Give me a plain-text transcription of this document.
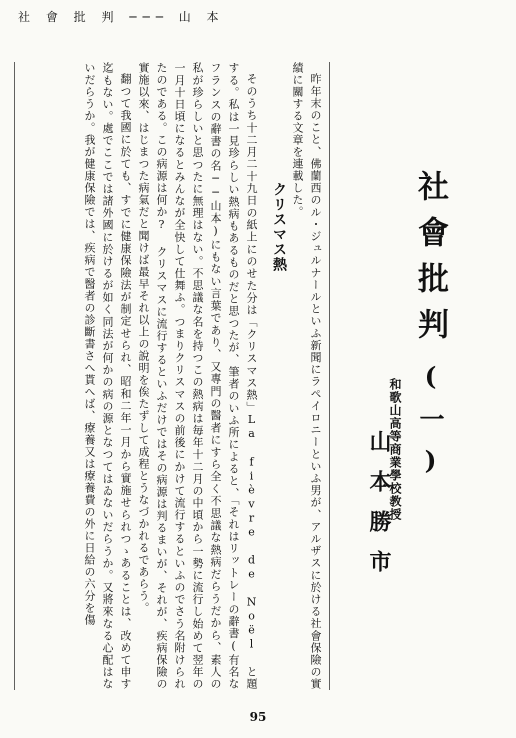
社 會 批 判 ─── 山 本
社會批判(一)
和歌山高等商業學校教授
山本勝市

昨年末のこと、佛蘭西のル・ジュルナールといふ新聞にラペイロニーといふ男が、アルザスに於ける社會保險の實績に關する文章を連載した。

クリスマス熱

そのうち十二月二十九日の紙上にのせた分は「クリスマス熱」La fièvre de Noël と題する。私は一見珍らしい熱病もあるものだと思つたが、筆者のいふ所によると、「それはリットレーの辭書(有名なフランスの辭書の名──山本)にもない言葉であり、又專門の醫者にすら全く不思議な熱病だらうだから、素人の私が珍らしいと思つたに無理はない。不思議な名を持つこの熱病は毎年十二月の中頃から一勢に流行し始めて翌年の一月十日頃になるとみんなが全快して仕舞ふ。つまりクリスマスの前後にかけて流行するといふのでさう名附けられたのである。この病源は何か? クリスマスに流行するといふだけではその病源は判るまいが、それが、疾病保險の實施以來、はじまつた病氣だと聞けば最早それ以上の說明を俟たずして成程とうなづかれるであらう。

翻つて我國に於ても、すでに健康保險法が制定せられ、昭和二年一月から實施せられつゝあることは、改めて申す迄もない。處でここでは諸外國に於けるが如く同法が何かの病の源となつてはゐないだらうか。又將來なる心配はないだらうか。我が健康保險では、疾病で醫者の診斷書さへ貰へば、療養又は療養費の外に日給の六分を傷

95
